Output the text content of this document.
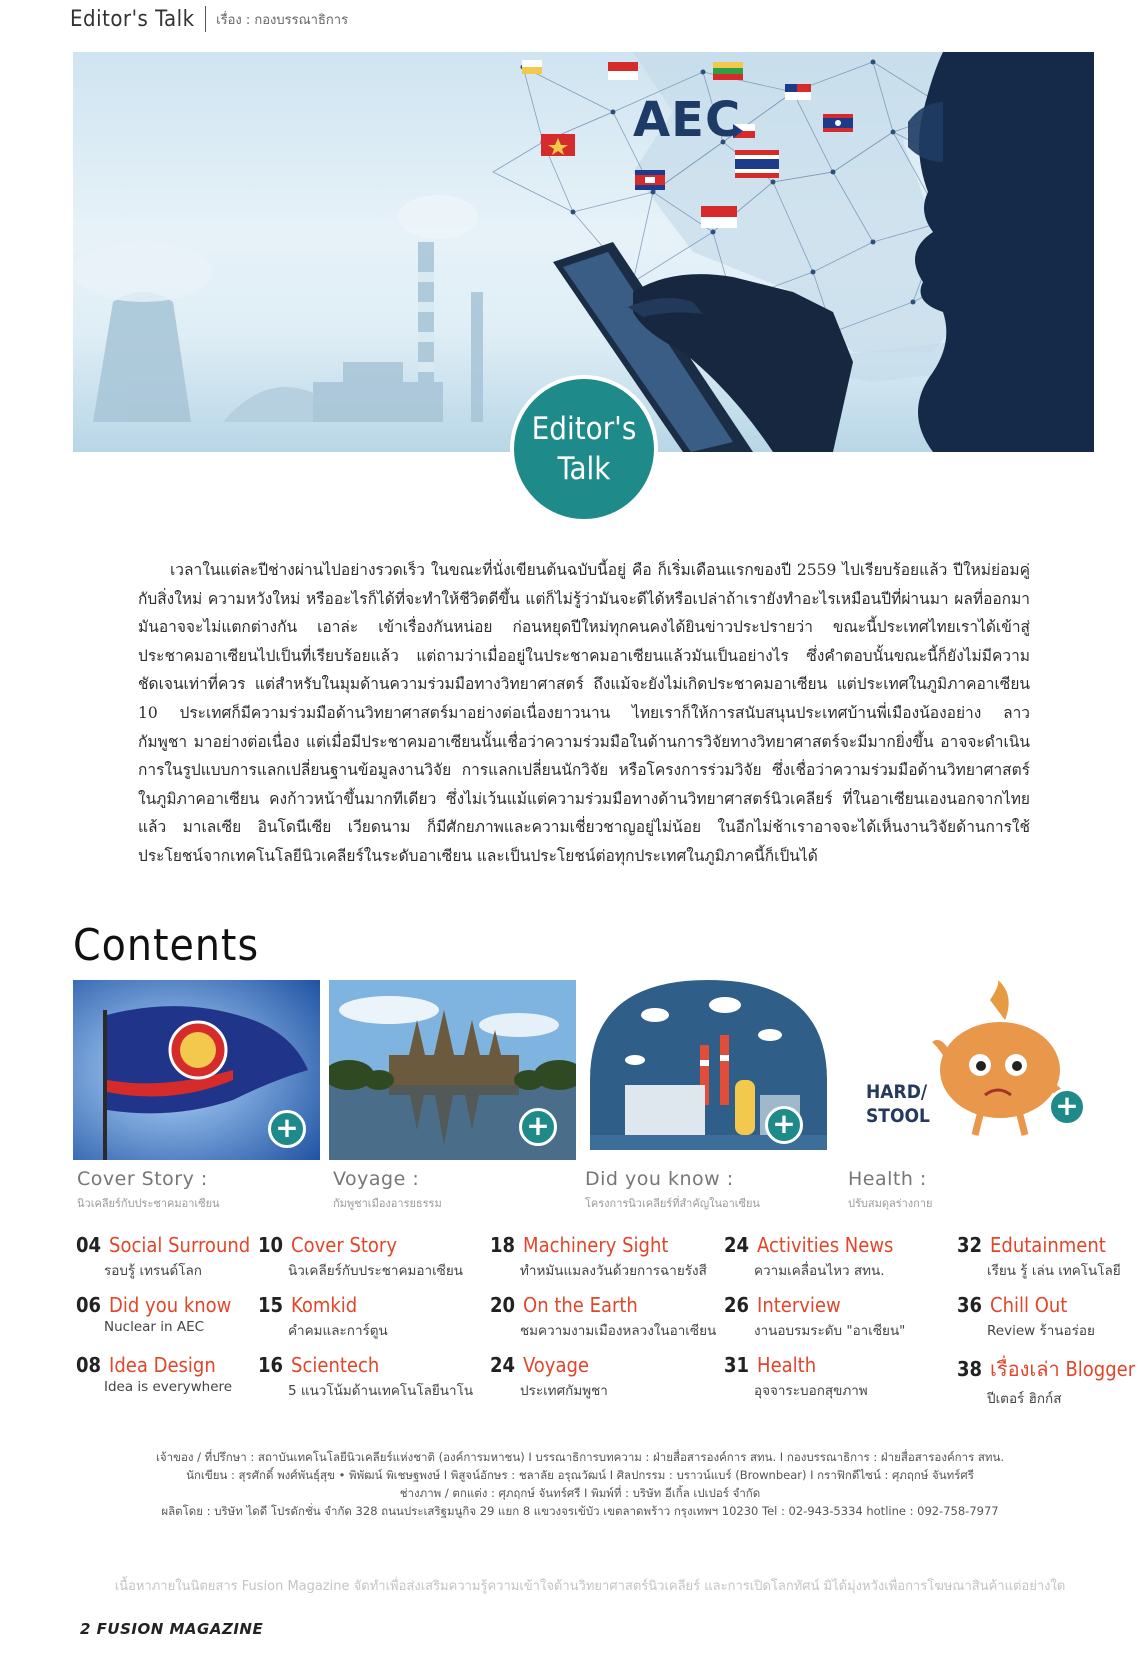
Editor's Talk เรื่อง : กองบรรณาธิการ
AEC
Editor's
Talk

เวลาในแต่ละปีช่างผ่านไปอย่างรวดเร็ว ในขณะที่นั่งเขียนต้นฉบับนี้อยู่ คือ ก็เริ่มเดือนแรกของปี 2559 ไปเรียบร้อยแล้ว ปีใหม่ย่อมคู่กับสิ่งใหม่ ความหวังใหม่ หรืออะไรก็ได้ที่จะทำให้ชีวิตดีขึ้น แต่ก็ไม่รู้ว่ามันจะดีได้หรือเปล่าถ้าเรายังทำอะไรเหมือนปีที่ผ่านมา ผลที่ออกมามันอาจจะไม่แตกต่างกัน เอาล่ะ เข้าเรื่องกันหน่อย ก่อนหยุดปีใหม่ทุกคนคงได้ยินข่าวประปรายว่า ขณะนี้ประเทศไทยเราได้เข้าสู่ประชาคมอาเซียนไปเป็นที่เรียบร้อยแล้ว แต่ถามว่าเมื่ออยู่ในประชาคมอาเซียนแล้วมันเป็นอย่างไร ซึ่งคำตอบนั้นขณะนี้ก็ยังไม่มีความชัดเจนเท่าที่ควร แต่สำหรับในมุมด้านความร่วมมือทางวิทยาศาสตร์ ถึงแม้จะยังไม่เกิดประชาคมอาเซียน แต่ประเทศในภูมิภาคอาเซียน 10 ประเทศก็มีความร่วมมือด้านวิทยาศาสตร์มาอย่างต่อเนื่องยาวนาน ไทยเราก็ให้การสนับสนุนประเทศบ้านพี่เมืองน้องอย่าง ลาว กัมพูชา มาอย่างต่อเนื่อง แต่เมื่อมีประชาคมอาเซียนนั้นเชื่อว่าความร่วมมือในด้านการวิจัยทางวิทยาศาสตร์จะมีมากยิ่งขึ้น อาจจะดำเนินการในรูปแบบการแลกเปลี่ยนฐานข้อมูลงานวิจัย การแลกเปลี่ยนนักวิจัย หรือโครงการร่วมวิจัย ซึ่งเชื่อว่าความร่วมมือด้านวิทยาศาสตร์ในภูมิภาคอาเซียน คงก้าวหน้าขึ้นมากทีเดียว ซึ่งไม่เว้นแม้แต่ความร่วมมือทางด้านวิทยาศาสตร์นิวเคลียร์ ที่ในอาเซียนเองนอกจากไทยแล้ว มาเลเซีย อินโดนีเซีย เวียดนาม ก็มีศักยภาพและความเชี่ยวชาญอยู่ไม่น้อย ในอีกไม่ช้าเราอาจจะได้เห็นงานวิจัยด้านการใช้ประโยชน์จากเทคโนโลยีนิวเคลียร์ในระดับอาเซียน และเป็นประโยชน์ต่อทุกประเทศในภูมิภาคนี้ก็เป็นได้

Contents
+
Cover Story :
นิวเคลียร์กับประชาคมอาเซียน
+
Voyage :
กัมพูชาเมืองอารยธรรม
+
Did you know :
โครงการนิวเคลียร์ที่สำคัญในอาเซียน
+
HARD/
STOOL
Health :
ปรับสมดุลร่างกาย
04 Social Surround
รอบรู้ เทรนด์โลก
06 Did you know
Nuclear in AEC
08 Idea Design
Idea is everywhere
10 Cover Story
นิวเคลียร์กับประชาคมอาเซียน
15 Komkid
คำคมและการ์ตูน
16 Scientech
5 แนวโน้มด้านเทคโนโลยีนาโน
18 Machinery Sight
ทำหมันแมลงวันด้วยการฉายรังสี
20 On the Earth
ชมความงามเมืองหลวงในอาเซียน
24 Voyage
ประเทศกัมพูชา
24 Activities News
ความเคลื่อนไหว สทน.
26 Interview
งานอบรมระดับ "อาเซียน"
31 Health
อุจจาระบอกสุขภาพ
32 Edutainment
เรียน รู้ เล่น เทคโนโลยี
36 Chill Out
Review ร้านอร่อย
38 เรื่องเล่า Blogger
ปีเตอร์ ฮิกก์ส
เจ้าของ / ที่ปรึกษา : สถาบันเทคโนโลยีนิวเคลียร์แห่งชาติ (องค์การมหาชน) I บรรณาธิการบทความ : ฝ่ายสื่อสารองค์การ สทน. I กองบรรณาธิการ : ฝ่ายสื่อสารองค์การ สทน.
นักเขียน : สุรศักดิ์ พงศ์พันธุ์สุข • พิพัฒน์ พิเชษฐพงษ์ I พิสูจน์อักษร : ชลาลัย อรุณวัฒน์ I ศิลปกรรม : บราวน์แบร์ (Brownbear) I กราฟิกดีไซน์ : ศุภฤกษ์ จันทร์ศรี
ช่างภาพ / ตกแต่ง : ศุภฤกษ์ จันทร์ศรี I พิมพ์ที่ : บริษัท อีเกิ้ล เปเปอร์ จำกัด
ผลิตโดย : บริษัท ไดดี โปรดักชั่น จำกัด 328 ถนนประเสริฐมนูกิจ 29 แยก 8 แขวงจรเข้บัว เขตลาดพร้าว กรุงเทพฯ 10230 Tel : 02-943-5334 hotline : 092-758-7977
เนื้อหาภายในนิตยสาร Fusion Magazine จัดทำเพื่อส่งเสริมความรู้ความเข้าใจด้านวิทยาศาสตร์นิวเคลียร์ และการเปิดโลกทัศน์ มิได้มุ่งหวังเพื่อการโฆษณาสินค้าแต่อย่างใด
2 FUSION MAGAZINE
